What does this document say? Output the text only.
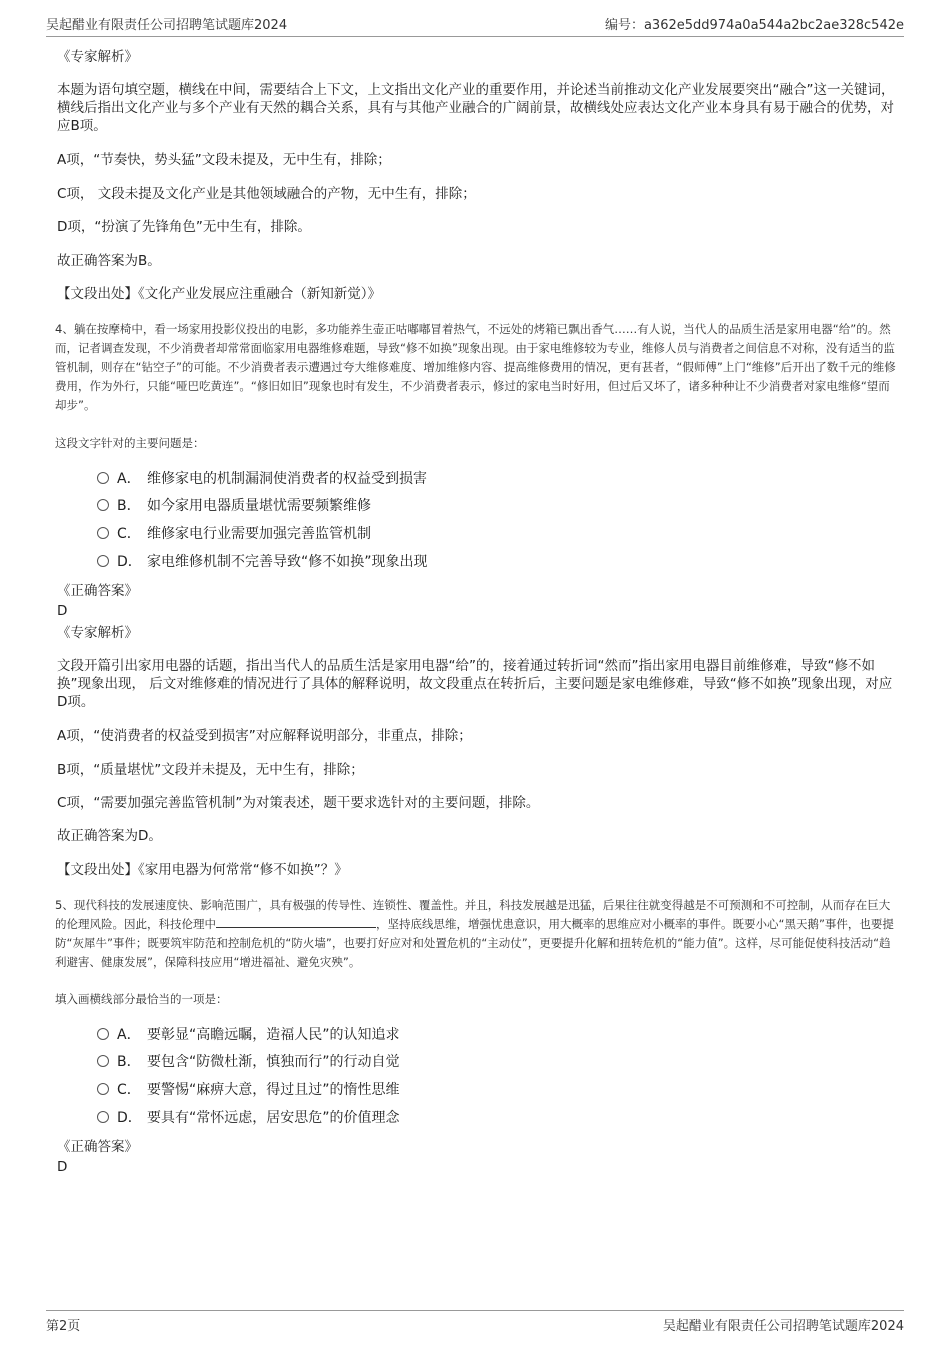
吴起醋业有限责任公司招聘笔试题库2024	编号：a362e5dd974a0a544a2bc2ae328c542e

《专家解析》

本题为语句填空题，横线在中间，需要结合上下文，上文指出文化产业的重要作用，并论述当前推动文化产业发展要突出“融合”这一关键词，横线后指出文化产业与多个产业有天然的耦合关系，具有与其他产业融合的广阔前景，故横线处应表达文化产业本身具有易于融合的优势，对应B项。

A项，“节奏快，势头猛”文段未提及，无中生有，排除；

C项， 文段未提及文化产业是其他领域融合的产物，无中生有，排除；

D项，“扮演了先锋角色”无中生有，排除。

故正确答案为B。

【文段出处】《文化产业发展应注重融合（新知新觉）》

4、躺在按摩椅中，看一场家用投影仪投出的电影，多功能养生壶正咕嘟嘟冒着热气，不远处的烤箱已飘出香气……有人说，当代人的品质生活是家用电器“给”的。然而，记者调查发现，不少消费者却常常面临家用电器维修难题，导致“修不如换”现象出现。由于家电维修较为专业，维修人员与消费者之间信息不对称，没有适当的监管机制，则存在“钻空子”的可能。不少消费者表示遭遇过夸大维修难度、增加维修内容、提高维修费用的情况，更有甚者，“假师傅”上门“维修”后开出了数千元的维修费用，作为外行，只能“哑巴吃黄连”。“修旧如旧”现象也时有发生，不少消费者表示，修过的家电当时好用，但过后又坏了，诸多种种让不少消费者对家电维修“望而却步”。

这段文字针对的主要问题是：

A． 维修家电的机制漏洞使消费者的权益受到损害
B． 如今家用电器质量堪忧需要频繁维修
C． 维修家电行业需要加强完善监管机制
D． 家电维修机制不完善导致“修不如换”现象出现

《正确答案》

D

《专家解析》

文段开篇引出家用电器的话题，指出当代人的品质生活是家用电器“给”的，接着通过转折词“然而”指出家用电器目前维修难，导致“修不如换”现象出现， 后文对维修难的情况进行了具体的解释说明，故文段重点在转折后，主要问题是家电维修难，导致“修不如换”现象出现，对应D项。

A项，“使消费者的权益受到损害”对应解释说明部分，非重点，排除；

B项，“质量堪忧”文段并未提及，无中生有，排除；

C项，“需要加强完善监管机制”为对策表述，题干要求选针对的主要问题，排除。

故正确答案为D。

【文段出处】《家用电器为何常常“修不如换”？》

5、现代科技的发展速度快、影响范围广，具有极强的传导性、连锁性、覆盖性。并且，科技发展越是迅猛，后果往往就变得越是不可预测和不可控制，从而存在巨大的伦理风险。因此，科技伦理中	，坚持底线思维，增强忧患意识，用大概率的思维应对小概率的事件。既要小心“黑天鹅”事件，也要提防“灰犀牛”事件；既要筑牢防范和控制危机的“防火墙”，也要打好应对和处置危机的“主动仗”，更要提升化解和扭转危机的“能力值”。这样，尽可能促使科技活动“趋利避害、健康发展”，保障科技应用“增进福祉、避免灾殃”。

填入画横线部分最恰当的一项是：

A． 要彰显“高瞻远瞩，造福人民”的认知追求
B． 要包含“防微杜渐，慎独而行”的行动自觉
C． 要警惕“麻痹大意，得过且过”的惰性思维
D． 要具有“常怀远虑，居安思危”的价值理念

《正确答案》

D

第2页	吴起醋业有限责任公司招聘笔试题库2024
